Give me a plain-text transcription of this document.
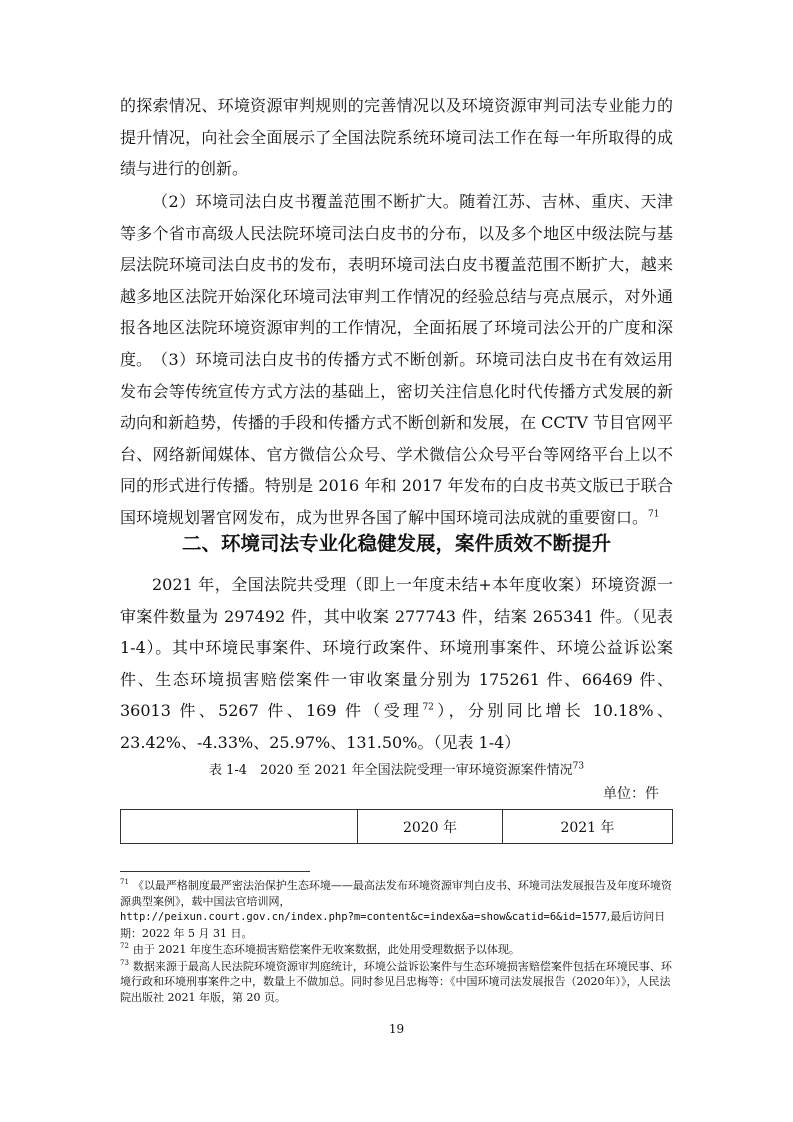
的探索情况、环境资源审判规则的完善情况以及环境资源审判司法专业能力的提升情况，向社会全面展示了全国法院系统环境司法工作在每一年所取得的成绩与进行的创新。

（2）环境司法白皮书覆盖范围不断扩大。随着江苏、吉林、重庆、天津等多个省市高级人民法院环境司法白皮书的分布，以及多个地区中级法院与基层法院环境司法白皮书的发布，表明环境司法白皮书覆盖范围不断扩大，越来越多地区法院开始深化环境司法审判工作情况的经验总结与亮点展示，对外通报各地区法院环境资源审判的工作情况，全面拓展了环境司法公开的广度和深度。 （3）环境司法白皮书的传播方式不断创新。环境司法白皮书在有效运用发布会等传统宣传方式方法的基础上，密切关注信息化时代传播方式发展的新动向和新趋势，传播的手段和传播方式不断创新和发展，在 CCTV 节目官网平台、网络新闻媒体、官方微信公众号、学术微信公众号平台等网络平台上以不同的形式进行传播。特别是 2016 年和 2017 年发布的白皮书英文版已于联合国环境规划署官网发布，成为世界各国了解中国环境司法成就的重要窗口。$^{71}$

二、环境司法专业化稳健发展，案件质效不断提升

2021 年，全国法院共受理（即上一年度未结+本年度收案）环境资源一审案件数量为 297492 件，其中收案 277743 件，结案 265341 件。（见表 1-4）。其中环境民事案件、环境行政案件、环境刑事案件、环境公益诉讼案件、生态环境损害赔偿案件一审收案量分别为 175261 件、66469 件、36013 件、5267 件、169 件（受理$^{72}$），分别同比增长 10.18%、23.42%、-4.33%、25.97%、131.50%。（见表 1-4）

表 1-4　2020 至 2021 年全国法院受理一审环境资源案件情况$^{73}$

单位：件

	2020 年	2021 年

$^{71}$ 《以最严格制度最严密法治保护生态环境——最高法发布环境资源审判白皮书、环境司法发展报告及年度环境资源典型案例》，载中国法官培训网，
http://peixun.court.gov.cn/index.php?m=content&c=index&a=show&catid=6&id=1577,最后访问日期：2022 年 5 月 31 日。

$^{72}$ 由于 2021 年度生态环境损害赔偿案件无收案数据，此处用受理数据予以体现。

$^{73}$ 数据来源于最高人民法院环境资源审判庭统计，环境公益诉讼案件与生态环境损害赔偿案件包括在环境民事、环境行政和环境刑事案件之中，数量上不做加总。同时参见吕忠梅等：《中国环境司法发展报告（2020年）》，人民法院出版社 2021 年版，第 20 页。

19
